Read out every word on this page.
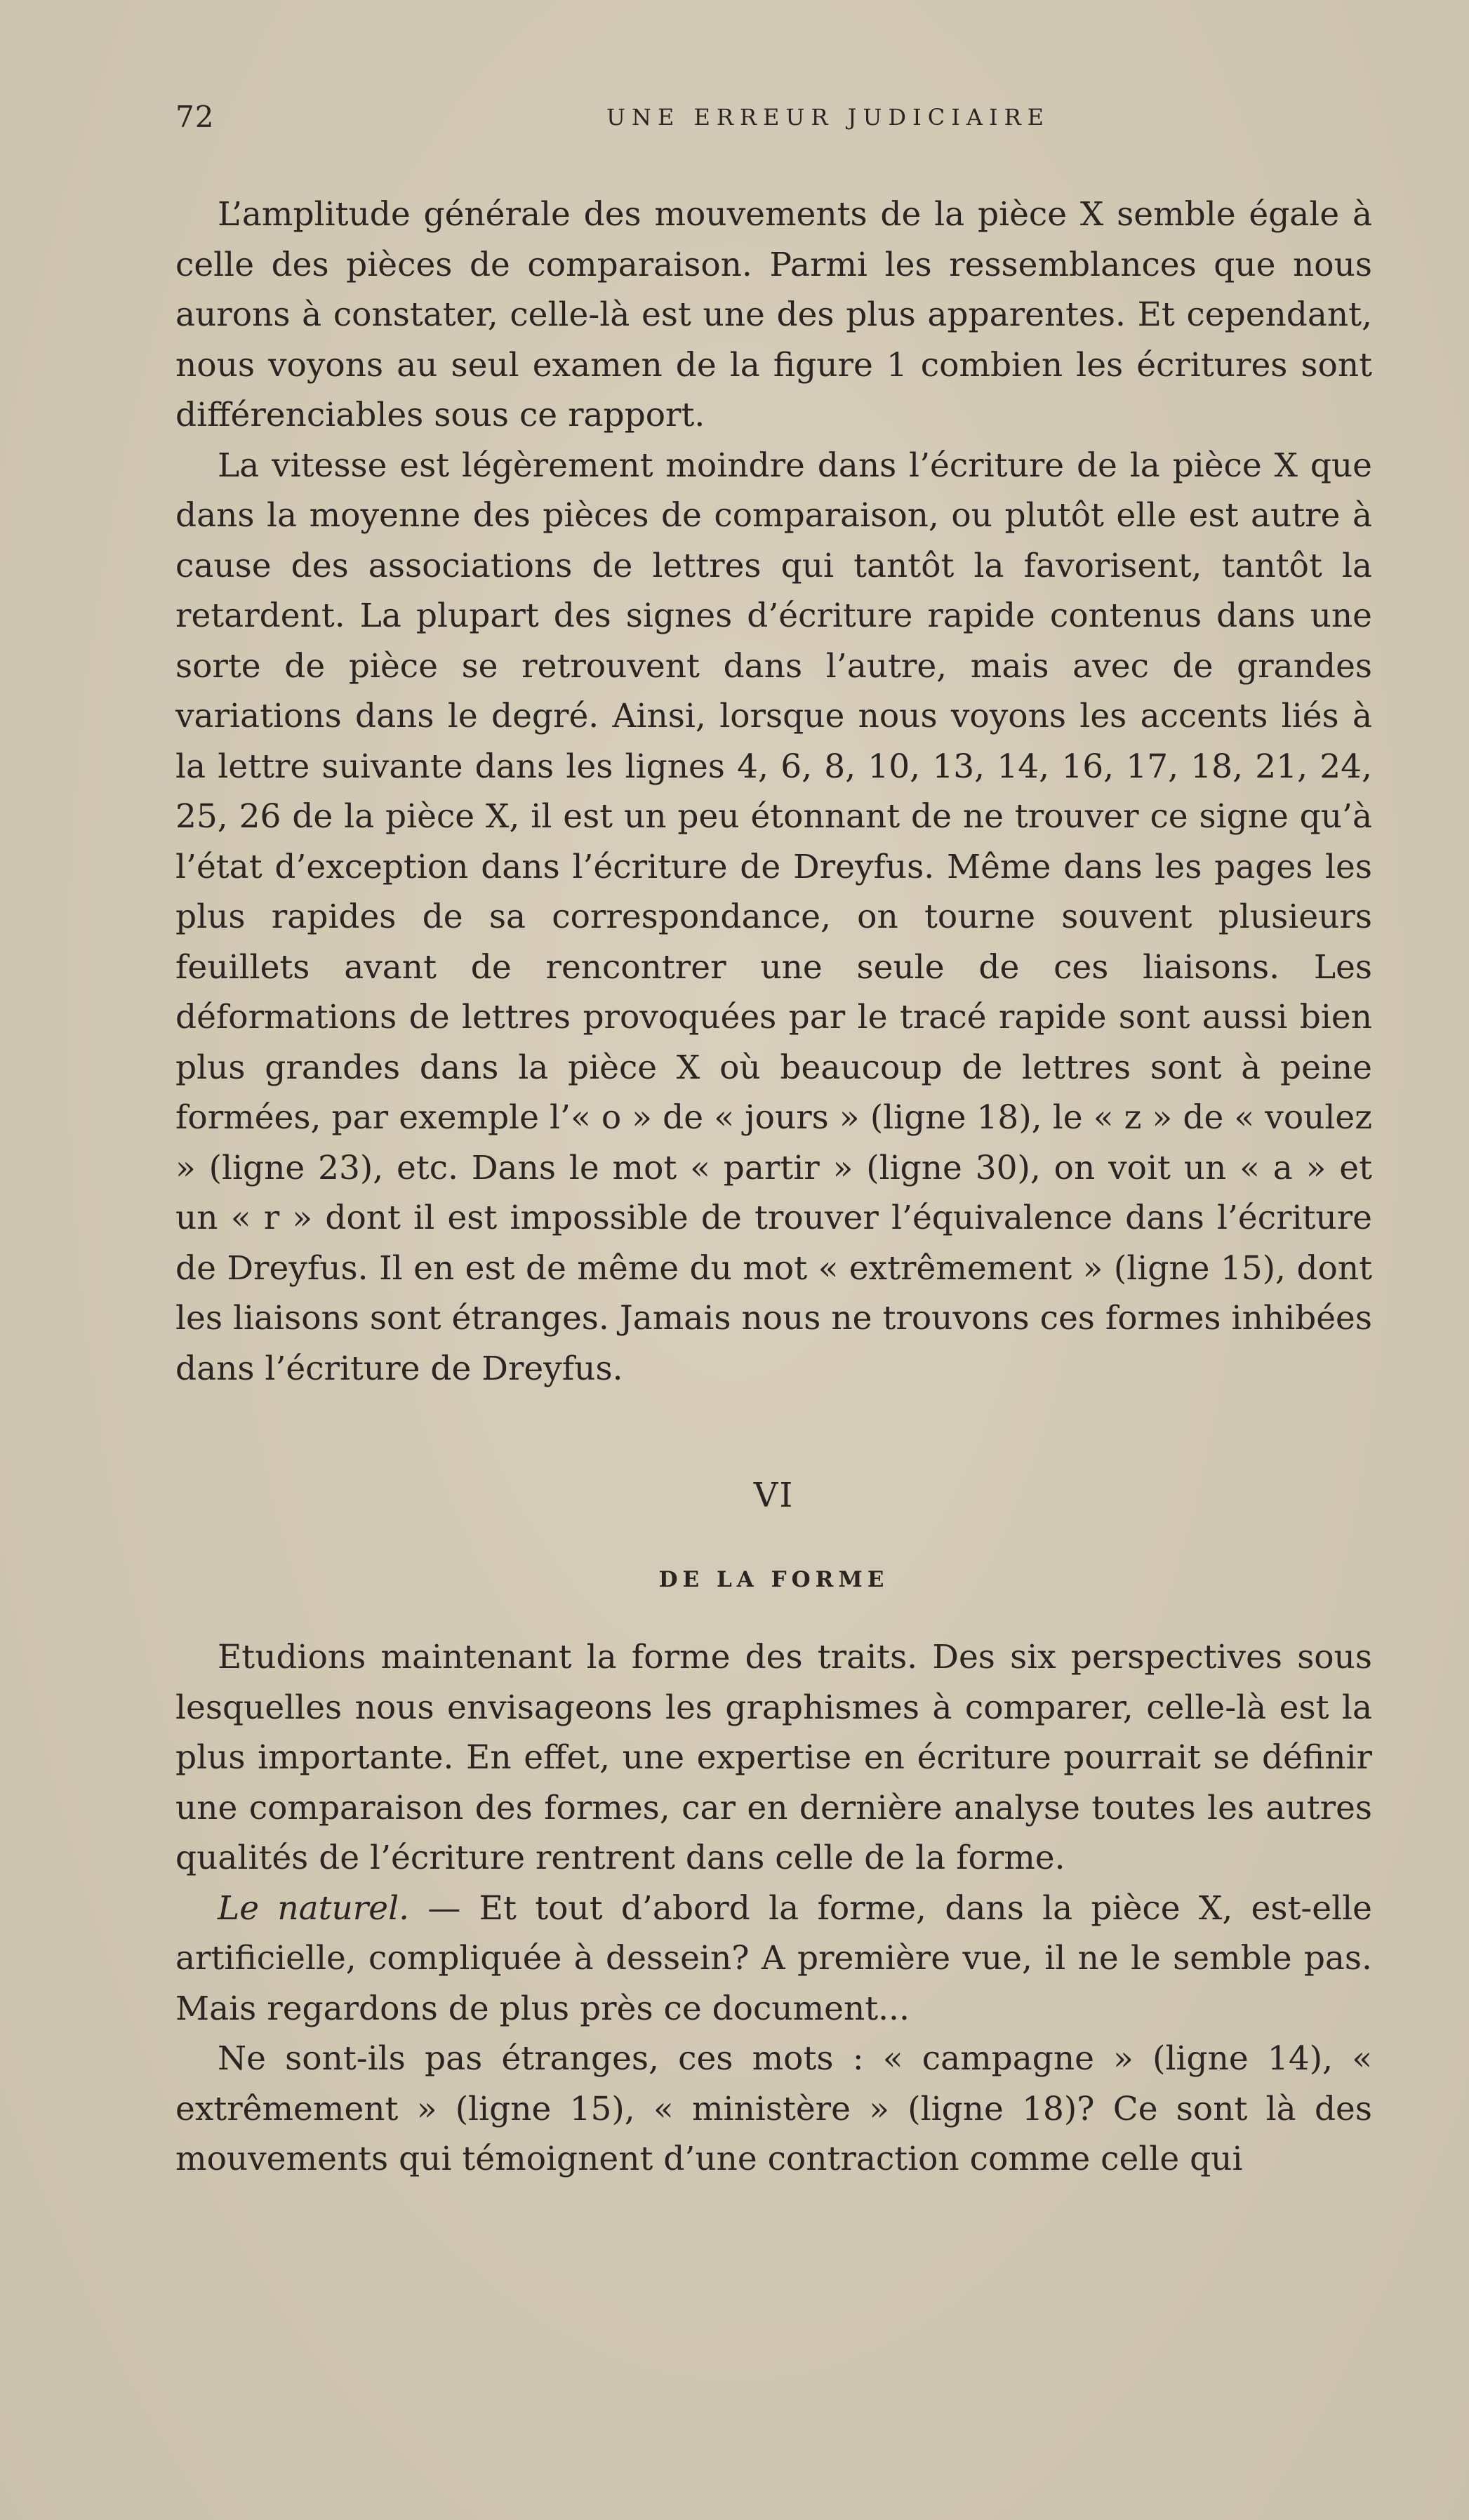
72	UNE ERREUR JUDICIAIRE

L’amplitude générale des mouvements de la pièce X semble égale à celle des pièces de comparaison. Parmi les ressemblances que nous aurons à constater, celle-là est une des plus apparentes. Et cependant, nous voyons au seul examen de la figure 1 combien les écritures sont différenciables sous ce rapport.

La vitesse est légèrement moindre dans l’écriture de la pièce X que dans la moyenne des pièces de comparaison, ou plutôt elle est autre à cause des associations de lettres qui tantôt la favorisent, tantôt la retardent. La plupart des signes d’écriture rapide contenus dans une sorte de pièce se retrouvent dans l’autre, mais avec de grandes variations dans le degré. Ainsi, lorsque nous voyons les accents liés à la lettre suivante dans les lignes 4, 6, 8, 10, 13, 14, 16, 17, 18, 21, 24, 25, 26 de la pièce X, il est un peu étonnant de ne trouver ce signe qu’à l’état d’exception dans l’écriture de Dreyfus. Même dans les pages les plus rapides de sa correspondance, on tourne souvent plusieurs feuillets avant de rencontrer une seule de ces liaisons. Les déformations de lettres provoquées par le tracé rapide sont aussi bien plus grandes dans la pièce X où beaucoup de lettres sont à peine formées, par exemple l’« o » de « jours » (ligne 18), le « z » de « voulez » (ligne 23), etc. Dans le mot « partir » (ligne 30), on voit un « a » et un « r » dont il est impossible de trouver l’équivalence dans l’écriture de Dreyfus. Il en est de même du mot « extrêmement » (ligne 15), dont les liaisons sont étranges. Jamais nous ne trouvons ces formes inhibées dans l’écriture de Dreyfus.

VI
DE LA FORME

Etudions maintenant la forme des traits. Des six perspectives sous lesquelles nous envisageons les graphismes à comparer, celle-là est la plus importante. En effet, une expertise en écriture pourrait se définir une comparaison des formes, car en dernière analyse toutes les autres qualités de l’écriture rentrent dans celle de la forme.

Le naturel. — Et tout d’abord la forme, dans la pièce X, est-elle artificielle, compliquée à dessein? A première vue, il ne le semble pas. Mais regardons de plus près ce document...

Ne sont-ils pas étranges, ces mots : « campagne » (ligne 14), « extrêmement » (ligne 15), « ministère » (ligne 18)? Ce sont là des mouvements qui témoignent d’une contraction comme celle qui
